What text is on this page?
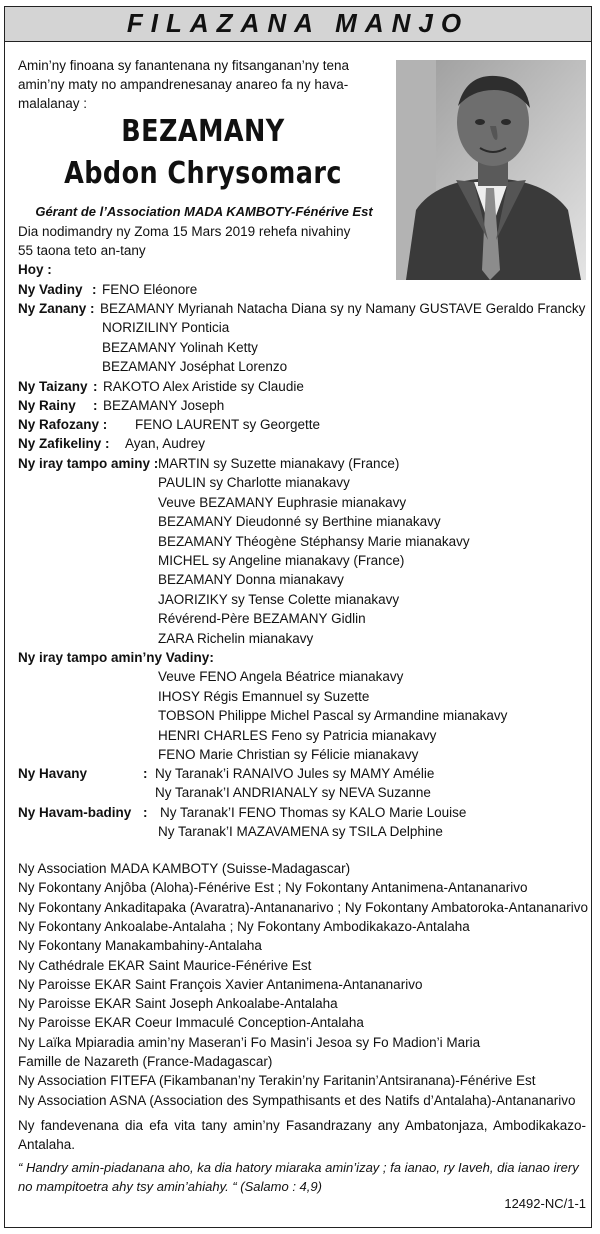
FILAZANA MANJO
Amin’ny finoana sy fanantenana ny fitsanganan’ny tena amin’ny maty no ampandrenesanay anareo fa ny hava-malalanay :
BEZAMANY
Abdon Chrysomarc
Gérant de l’Association MADA KAMBOTY-Fénérive Est
Dia nodimandry ny Zoma 15 Mars 2019 rehefa nivahiny
55 taona teto an-tany
Hoy :
Ny Vadiny : FENO Eléonore
Ny Zanany : BEZAMANY Myrianah Natacha Diana sy ny Namany GUSTAVE Geraldo Francky
NORIZILINY Ponticia
BEZAMANY Yolinah Ketty
BEZAMANY Joséphat Lorenzo
Ny Taizany : RAKOTO Alex Aristide sy Claudie
Ny Rainy : BEZAMANY Joseph
Ny Rafozany : FENO LAURENT sy Georgette
Ny Zafikeliny : Ayan, Audrey
Ny iray tampo aminy : MARTIN sy Suzette mianakavy (France)
PAULIN sy Charlotte mianakavy
Veuve BEZAMANY Euphrasie mianakavy
BEZAMANY Dieudonné sy Berthine mianakavy
BEZAMANY Théogène Stéphansy Marie mianakavy
MICHEL sy Angeline mianakavy (France)
BEZAMANY Donna mianakavy
JAORIZIKY sy Tense Colette mianakavy
Révérend-Père BEZAMANY Gidlin
ZARA Richelin mianakavy
Ny iray tampo amin’ny Vadiny:
Veuve FENO Angela Béatrice mianakavy
IHOSY Régis Emannuel sy Suzette
TOBSON Philippe Michel Pascal sy Armandine mianakavy
HENRI CHARLES Feno sy Patricia mianakavy
FENO Marie Christian sy Félicie mianakavy
Ny Havany	: Ny Taranak’i RANAIVO Jules sy MAMY Amélie
Ny Taranak’I ANDRIANALY sy NEVA Suzanne
Ny Havam-badiny : Ny Taranak’I FENO Thomas sy KALO Marie Louise
Ny Taranak’I MAZAVAMENA sy TSILA Delphine
Ny Association MADA KAMBOTY (Suisse-Madagascar)
Ny Fokontany Anjôba (Aloha)-Fénérive Est ; Ny Fokontany Antanimena-Antananarivo
Ny Fokontany Ankaditapaka (Avaratra)-Antananarivo ; Ny Fokontany Ambatoroka-Antananarivo
Ny Fokontany Ankoalabe-Antalaha ; Ny Fokontany Ambodikakazo-Antalaha
Ny Fokontany Manakambahiny-Antalaha
Ny Cathédrale EKAR Saint Maurice-Fénérive Est
Ny Paroisse EKAR Saint François Xavier Antanimena-Antananarivo
Ny Paroisse EKAR Saint Joseph Ankoalabe-Antalaha
Ny Paroisse EKAR Coeur Immaculé Conception-Antalaha
Ny Laïka Mpiaradia amin’ny Maseran’i Fo Masin’i Jesoa sy Fo Madion’i Maria
Famille de Nazareth (France-Madagascar)
Ny Association FITEFA (Fikambanan’ny Terakin’ny Faritanin’Antsiranana)-Fénérive Est
Ny Association ASNA (Association des Sympathisants et des Natifs d’Antalaha)-Antananarivo
Ny fandevenana dia efa vita tany amin’ny Fasandrazany any Ambatonjaza, Ambodikakazo-Antalaha.
“ Handry amin-piadanana aho, ka dia hatory miaraka amin’izay ; fa ianao, ry Iaveh, dia ianao irery no mampitoetra ahy tsy amin’ahiahy. “ (Salamo : 4,9)
12492-NC/1-1
